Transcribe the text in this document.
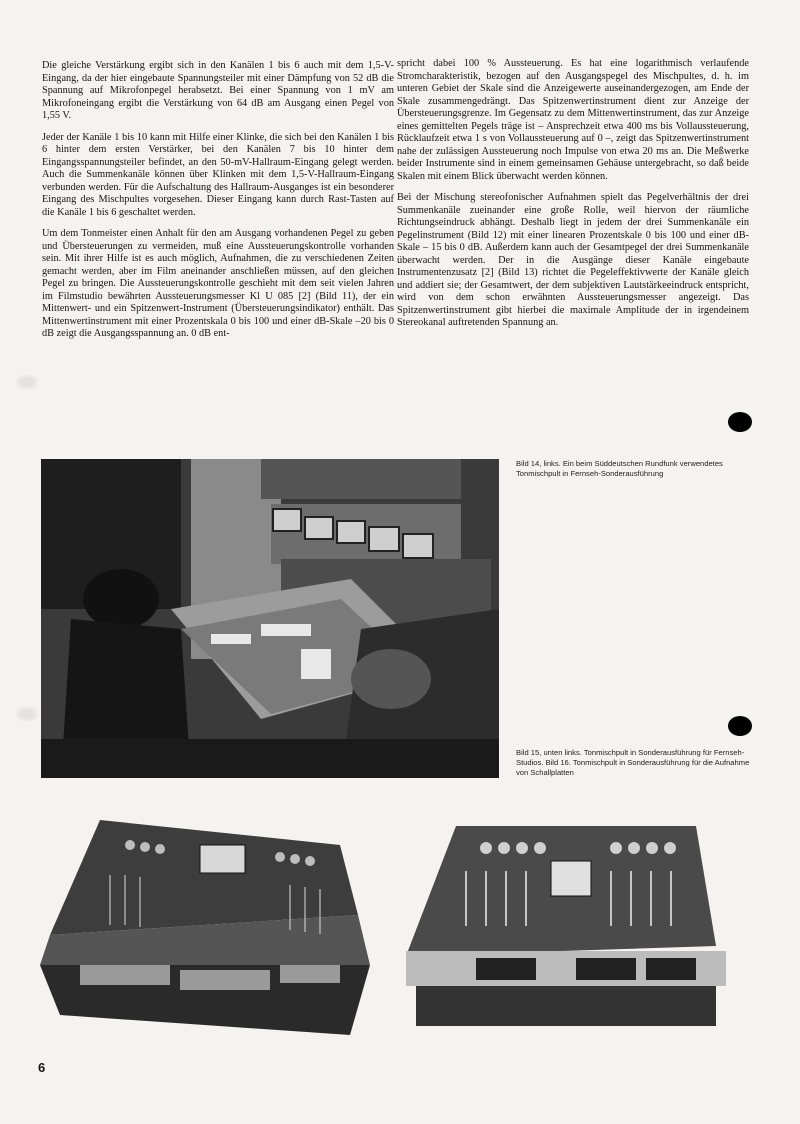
Die gleiche Verstärkung ergibt sich in den Kanälen 1 bis 6 auch mit dem 1,5-V-Eingang, da der hier eingebaute Spannungsteiler mit einer Dämpfung von 52 dB die Spannung auf Mikrofonpegel herabsetzt. Bei einer Spannung von 1 mV am Mikrofoneingang ergibt die Verstärkung von 64 dB am Ausgang einen Pegel von 1,55 V.

Jeder der Kanäle 1 bis 10 kann mit Hilfe einer Klinke, die sich bei den Kanälen 1 bis 6 hinter dem ersten Verstärker, bei den Kanälen 7 bis 10 hinter dem Eingangsspannungsteiler befindet, an den 50-mV-Hallraum-Eingang gelegt werden. Auch die Summenkanäle können über Klinken mit dem 1,5-V-Hallraum-Eingang verbunden werden. Für die Aufschaltung des Hallraum-Ausganges ist ein besonderer Eingang des Mischpultes vorgesehen. Dieser Eingang kann durch Rast-Tasten auf die Kanäle 1 bis 6 geschaltet werden.

Um dem Tonmeister einen Anhalt für den am Ausgang vorhandenen Pegel zu geben und Übersteuerungen zu vermeiden, muß eine Aussteuerungskontrolle vorhanden sein. Mit ihrer Hilfe ist es auch möglich, Aufnahmen, die zu verschiedenen Zeiten gemacht werden, aber im Film aneinander anschließen müssen, auf den gleichen Pegel zu bringen. Die Aussteuerungskontrolle geschieht mit dem seit vielen Jahren im Filmstudio bewährten Aussteuerungsmesser Kl U 085 [2] (Bild 11), der ein Mittenwert- und ein Spitzenwert-Instrument (Übersteuerungsindikator) enthält. Das Mittenwertinstrument mit einer Prozentskala 0 bis 100 und einer dB-Skale –20 bis 0 dB zeigt die Ausgangsspannung an. 0 dB ent-

spricht dabei 100 % Aussteuerung. Es hat eine logarithmisch verlaufende Stromcharakteristik, bezogen auf den Ausgangspegel des Mischpultes, d. h. im unteren Gebiet der Skale sind die Anzeigewerte auseinandergezogen, am Ende der Skale zusammengedrängt. Das Spitzenwertinstrument dient zur Anzeige der Übersteuerungsgrenze. Im Gegensatz zu dem Mittenwertinstrument, das zur Anzeige eines gemittelten Pegels träge ist – Ansprechzeit etwa 400 ms bis Vollaussteuerung, Rücklaufzeit etwa 1 s von Vollaussteuerung auf 0 –, zeigt das Spitzenwertinstrument nahe der zulässigen Aussteuerung noch Impulse von etwa 20 ms an. Die Meßwerke beider Instrumente sind in einem gemeinsamen Gehäuse untergebracht, so daß beide Skalen mit einem Blick überwacht werden können.

Bei der Mischung stereofonischer Aufnahmen spielt das Pegelverhältnis der drei Summenkanäle zueinander eine große Rolle, weil hiervon der räumliche Richtungseindruck abhängt. Deshalb liegt in jedem der drei Summenkanäle ein Pegelinstrument (Bild 12) mit einer linearen Prozentskale 0 bis 100 und einer dB-Skale – 15 bis 0 dB. Außerdem kann auch der Gesamtpegel der drei Summenkanäle überwacht werden. Der in die Ausgänge dieser Kanäle eingebaute Instrumentenzusatz [2] (Bild 13) richtet die Pegeleffektivwerte der Kanäle gleich und addiert sie; der Gesamtwert, der dem subjektiven Lautstärkeeindruck entspricht, wird von dem schon erwähnten Aussteuerungsmesser angezeigt. Das Spitzenwertinstrument gibt hierbei die maximale Amplitude der in irgendeinem Stereokanal auftretenden Spannung an.

Bild 14, links. Ein beim Süddeutschen Rundfunk verwendetes Tonmischpult in Fernseh-Sonderausführung
Bild 15, unten links. Tonmischpult in Sonderausführung für Fernseh-Studios. Bild 16. Tonmischpult in Sonderausführung für die Aufnahme von Schallplatten
6
